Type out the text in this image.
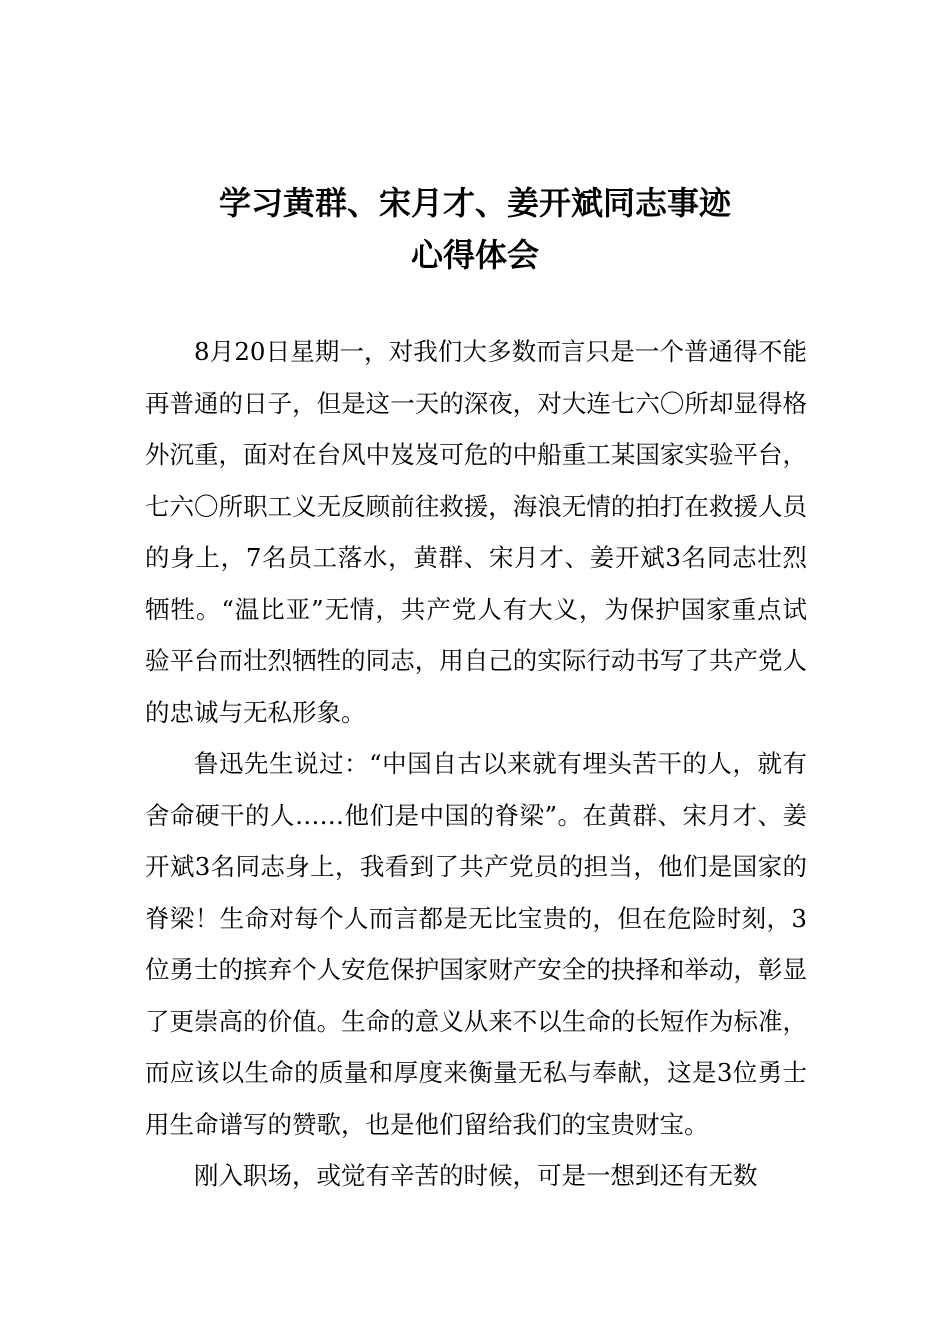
学习黄群、宋月才、姜开斌同志事迹
心得体会

8月20日星期一，对我们大多数而言只是一个普通得不能再普通的日子，但是这一天的深夜，对大连七六〇所却显得格外沉重，面对在台风中岌岌可危的中船重工某国家实验平台，七六〇所职工义无反顾前往救援，海浪无情的拍打在救援人员的身上，7名员工落水，黄群、宋月才、姜开斌3名同志壮烈牺牲。“温比亚”无情，共产党人有大义，为保护国家重点试验平台而壮烈牺牲的同志，用自己的实际行动书写了共产党人的忠诚与无私形象。

鲁迅先生说过：“中国自古以来就有埋头苦干的人，就有舍命硬干的人……他们是中国的脊梁”。在黄群、宋月才、姜开斌3名同志身上，我看到了共产党员的担当，他们是国家的脊梁！生命对每个人而言都是无比宝贵的，但在危险时刻，3位勇士的摈弃个人安危保护国家财产安全的抉择和举动，彰显了更崇高的价值。生命的意义从来不以生命的长短作为标准，而应该以生命的质量和厚度来衡量无私与奉献，这是3位勇士用生命谱写的赞歌，也是他们留给我们的宝贵财宝。

刚入职场，或觉有辛苦的时候，可是一想到还有无数
